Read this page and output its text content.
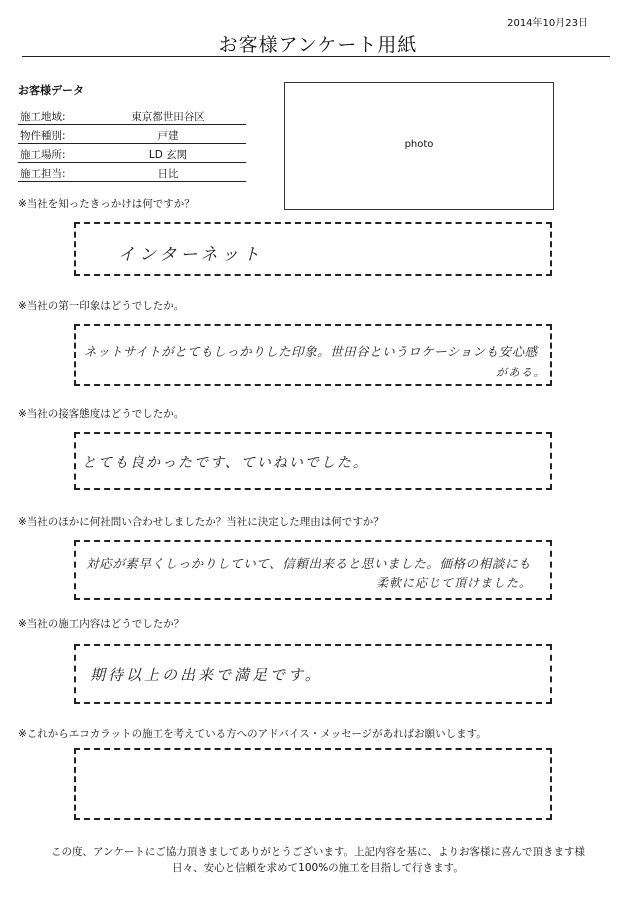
2014年10月23日
お客様アンケート用紙
お客様データ
施工地域:	東京都世田谷区
物件種別:	戸建
施工場所:	LD 玄関
施工担当:	日比
photo
※当社を知ったきっかけは何ですか？
インターネット
※当社の第一印象はどうでしたか。
ネットサイトがとてもしっかりした印象。世田谷というロケーションも安心感
がある。
※当社の接客態度はどうでしたか。
とても良かったです、ていねいでした。
※当社のほかに何社問い合わせしましたか？当社に決定した理由は何ですか？
対応が素早くしっかりしていて、信頼出来ると思いました。価格の相談にも
柔軟に応じて頂けました。
※当社の施工内容はどうでしたか？
期待以上の出来で満足です。
※これからエコカラットの施工を考えている方へのアドバイス・メッセージがあればお願いします。
この度、アンケートにご協力頂きましてありがとうございます。上記内容を基に、よりお客様に喜んで頂きます様
日々、安心と信頼を求めて100%の施工を目指して行きます。
